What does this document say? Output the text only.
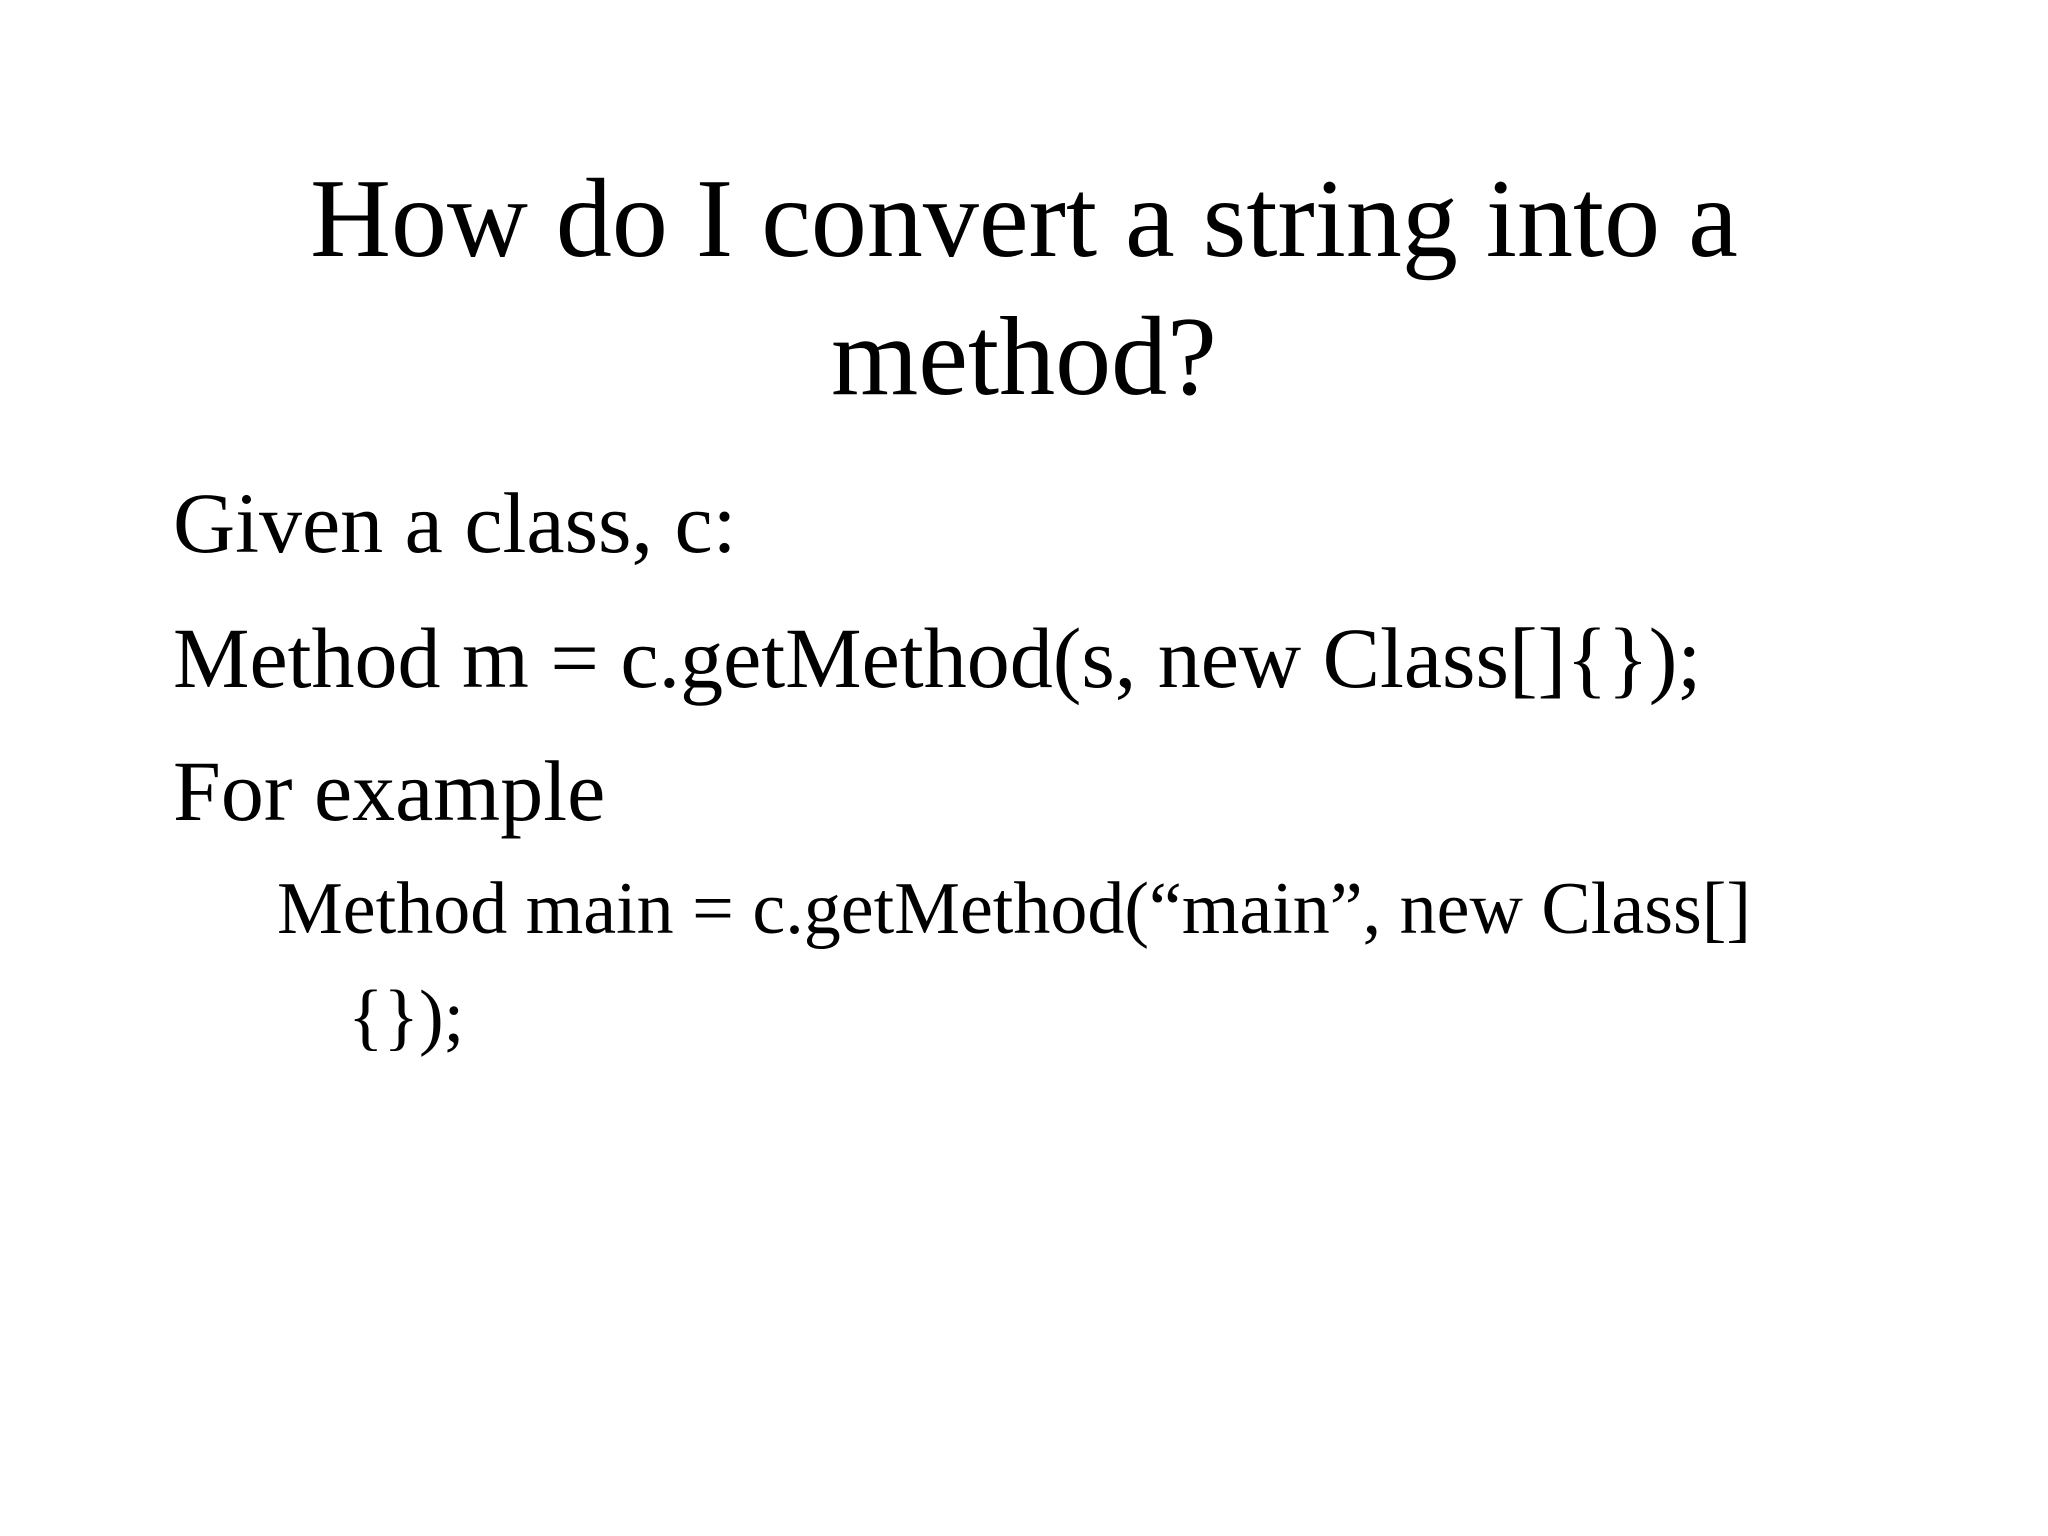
How do I convert a string into a
method?
Given a class, c:
Method m = c.getMethod(s, new Class[]{});
For example
Method main = c.getMethod(“main”, new Class[]
{});
